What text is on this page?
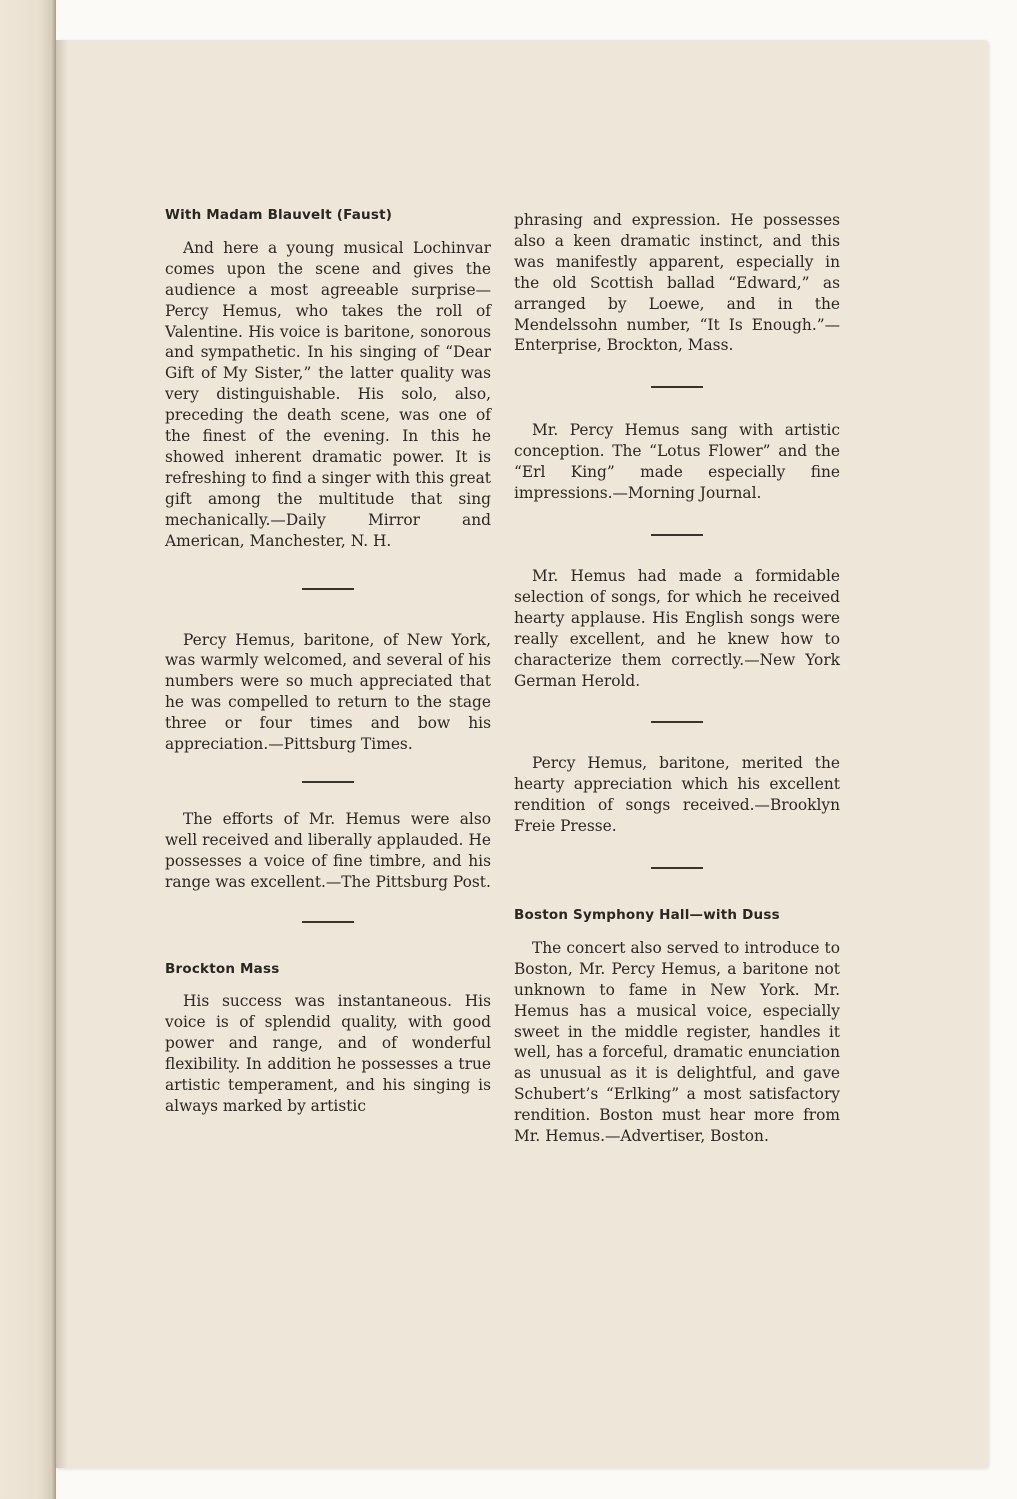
With Madam Blauvelt (Faust)

And here a young musical Lochinvar comes upon the scene and gives the audience a most agreeable surprise—Percy Hemus, who takes the roll of Valentine. His voice is baritone, sonorous and sympathetic. In his singing of “Dear Gift of My Sister,” the latter quality was very distinguishable. His solo, also, preceding the death scene, was one of the finest of the evening. In this he showed inherent dramatic power. It is refreshing to find a singer with this great gift among the multitude that sing mechanically.—Daily Mirror and American, Manchester, N. H.

Percy Hemus, baritone, of New York, was warmly welcomed, and several of his numbers were so much appreciated that he was compelled to return to the stage three or four times and bow his appreciation.—Pittsburg Times.

The efforts of Mr. Hemus were also well received and liberally applauded. He possesses a voice of fine timbre, and his range was excellent.—The Pittsburg Post.

Brockton Mass

His success was instantaneous. His voice is of splendid quality, with good power and range, and of wonderful flexibility. In addition he possesses a true artistic temperament, and his singing is always marked by artistic

phrasing and expression. He possesses also a keen dramatic instinct, and this was manifestly apparent, especially in the old Scottish ballad “Edward,” as arranged by Loewe, and in the Mendelssohn number, “It Is Enough.”—Enterprise, Brockton, Mass.

Mr. Percy Hemus sang with artistic conception. The “Lotus Flower” and the “Erl King” made especially fine impressions.—Morning Journal.

Mr. Hemus had made a formidable selection of songs, for which he received hearty applause. His English songs were really excellent, and he knew how to characterize them correctly.—New York German Herold.

Percy Hemus, baritone, merited the hearty appreciation which his excellent rendition of songs received.—Brooklyn Freie Presse.

Boston Symphony Hall—with Duss

The concert also served to introduce to Boston, Mr. Percy Hemus, a baritone not unknown to fame in New York. Mr. Hemus has a musical voice, especially sweet in the middle register, handles it well, has a forceful, dramatic enunciation as unusual as it is delightful, and gave Schubert’s “Erlking” a most satisfactory rendition. Boston must hear more from Mr. Hemus.—Advertiser, Boston.
